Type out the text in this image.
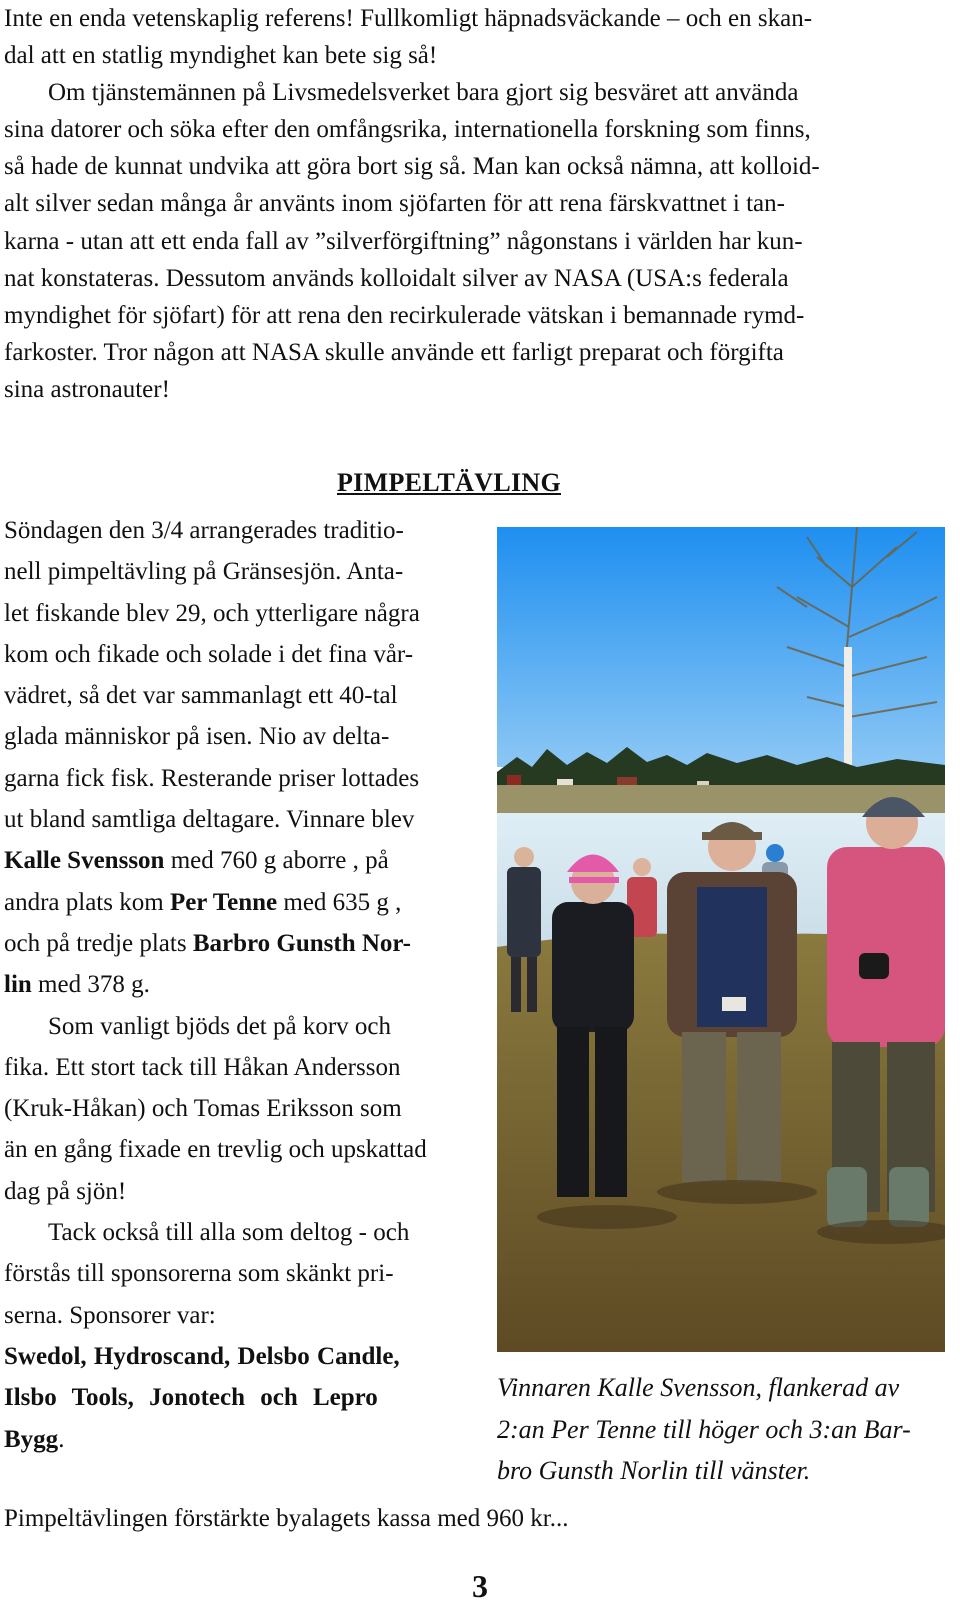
Inte en enda vetenskaplig referens! Fullkomligt häpnadsväckande – och en skan-
dal att en statlig myndighet kan bete sig så!
Om tjänstemännen på Livsmedelsverket bara gjort sig besväret att använda
sina datorer och söka efter den omfångsrika, internationella forskning som finns,
så hade de kunnat undvika att göra bort sig så. Man kan också nämna, att kolloid-
alt silver sedan många år använts inom sjöfarten för att rena färskvattnet i tan-
karna - utan att ett enda fall av ”silverförgiftning” någonstans i världen har kun-
nat konstateras. Dessutom används kolloidalt silver av NASA (USA:s federala
myndighet för sjöfart) för att rena den recirkulerade vätskan i bemannade rymd-
farkoster. Tror någon att NASA skulle använde ett farligt preparat och förgifta
sina astronauter!

PIMPELTÄVLING
Söndagen den 3/4 arrangerades traditio-
nell pimpeltävling på Gränsesjön. Anta-
let fiskande blev 29, och ytterligare några
kom och fikade och solade i det fina vår-
vädret, så det var sammanlagt ett 40-tal
glada människor på isen. Nio av delta-
garna fick fisk. Resterande priser lottades
ut bland samtliga deltagare. Vinnare blev
Kalle Svensson med 760 g aborre , på
andra plats kom Per Tenne med 635 g ,
och på tredje plats Barbro Gunsth Nor-
lin med 378 g.
Som vanligt bjöds det på korv och
fika. Ett stort tack till Håkan Andersson
(Kruk-Håkan) och Tomas Eriksson som
än en gång fixade en trevlig och upskattad
dag på sjön!
Tack också till alla som deltog - och
förstås till sponsorerna som skänkt pri-
serna. Sponsorer var:
Swedol, Hydroscand, Delsbo Candle,
Ilsbo Tools, Jonotech och Lepro
Bygg.

Vinnaren Kalle Svensson, flankerad av
2:an Per Tenne till höger och 3:an Bar-
bro Gunsth Norlin till vänster.

Pimpeltävlingen förstärkte byalagets kassa med 960 kr...

3
